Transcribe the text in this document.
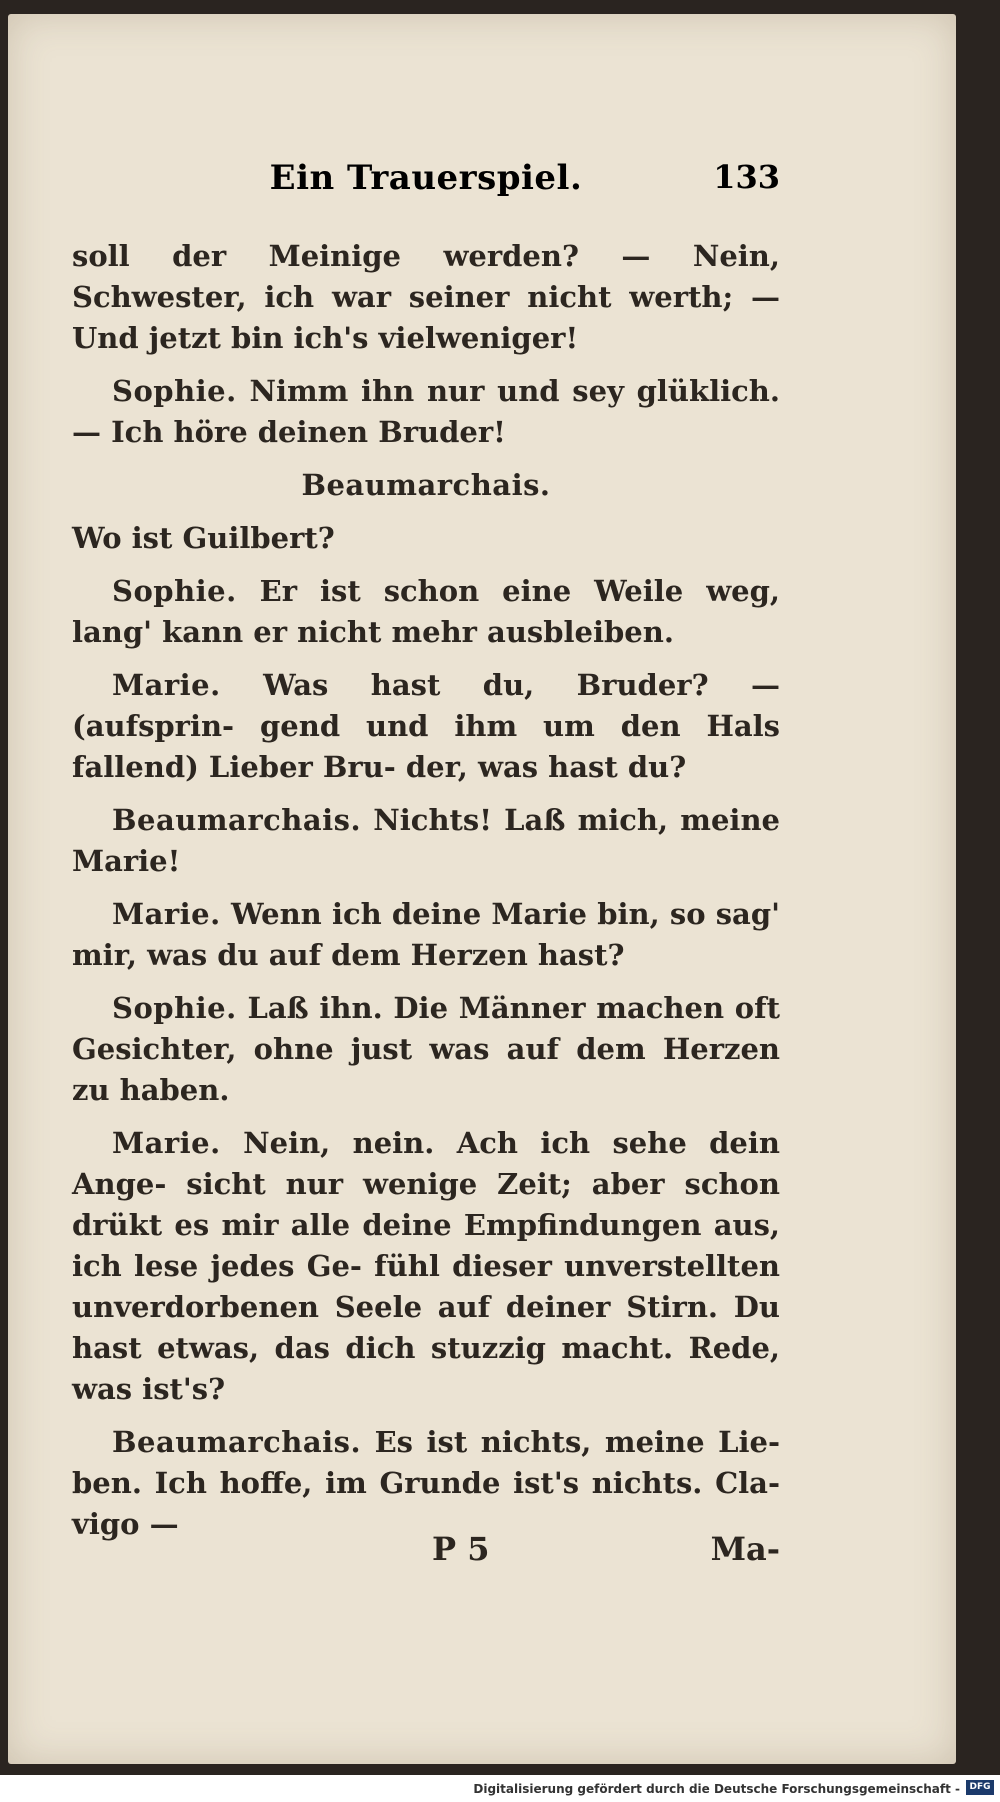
Ein Trauerspiel.	133

soll der Meinige werden? — Nein, Schwester, ich war seiner nicht werth; — Und jetzt bin ich's vielweniger!

Sophie. Nimm ihn nur und sey glüklich. — Ich höre deinen Bruder!

Beaumarchais.

Wo ist Guilbert?

Sophie. Er ist schon eine Weile weg, lang' kann er nicht mehr ausbleiben.

Marie. Was hast du, Bruder? — (aufsprin- gend und ihm um den Hals fallend) Lieber Bru- der, was hast du?

Beaumarchais. Nichts! Laß mich, meine Marie!

Marie. Wenn ich deine Marie bin, so sag' mir, was du auf dem Herzen hast?

Sophie. Laß ihn. Die Männer machen oft Gesichter, ohne just was auf dem Herzen zu haben.

Marie. Nein, nein. Ach ich sehe dein Ange- sicht nur wenige Zeit; aber schon drükt es mir alle deine Empfindungen aus, ich lese jedes Ge- fühl dieser unverstellten unverdorbenen Seele auf deiner Stirn. Du hast etwas, das dich stuzzig macht. Rede, was ist's?

Beaumarchais. Es ist nichts, meine Lie- ben. Ich hoffe, im Grunde ist's nichts. Cla- vigo —

P 5	Ma-
Digitalisierung gefördert durch die Deutsche Forschungsgemeinschaft -	DFG
